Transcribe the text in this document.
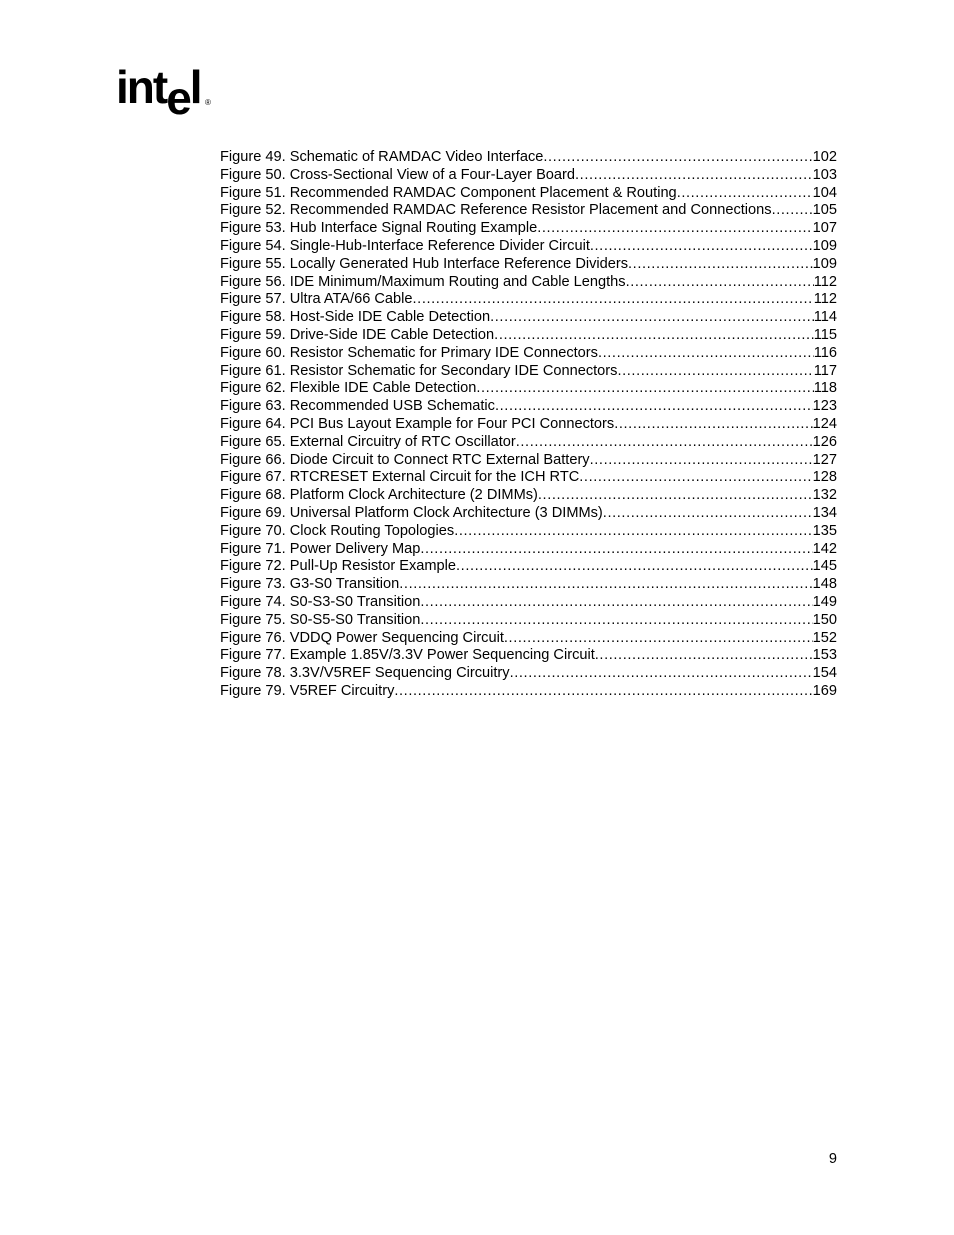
intel ®
Figure 49. Schematic of RAMDAC Video Interface .....	102
Figure 50. Cross-Sectional View of a Four-Layer Board .....	103
Figure 51. Recommended RAMDAC Component Placement & Routing .....	104
Figure 52. Recommended RAMDAC Reference Resistor Placement and Connections .....	105
Figure 53. Hub Interface Signal Routing Example .....	107
Figure 54. Single-Hub-Interface Reference Divider Circuit .....	109
Figure 55. Locally Generated Hub Interface Reference Dividers .....	109
Figure 56. IDE Minimum/Maximum Routing and Cable Lengths .....	112
Figure 57. Ultra ATA/66 Cable .....	112
Figure 58. Host-Side IDE Cable Detection .....	114
Figure 59. Drive-Side IDE Cable Detection .....	115
Figure 60. Resistor Schematic for Primary IDE Connectors .....	116
Figure 61. Resistor Schematic for Secondary IDE Connectors .....	117
Figure 62. Flexible IDE Cable Detection .....	118
Figure 63. Recommended USB Schematic .....	123
Figure 64. PCI Bus Layout Example for Four PCI Connectors .....	124
Figure 65. External Circuitry of RTC Oscillator .....	126
Figure 66. Diode Circuit to Connect RTC External Battery .....	127
Figure 67. RTCRESET External Circuit for the ICH RTC .....	128
Figure 68. Platform Clock Architecture (2 DIMMs) .....	132
Figure 69. Universal Platform Clock Architecture (3 DIMMs) .....	134
Figure 70. Clock Routing Topologies .....	135
Figure 71. Power Delivery Map .....	142
Figure 72. Pull-Up Resistor Example .....	145
Figure 73. G3-S0 Transition .....	148
Figure 74. S0-S3-S0 Transition .....	149
Figure 75. S0-S5-S0 Transition .....	150
Figure 76. VDDQ Power Sequencing Circuit .....	152
Figure 77. Example 1.85V/3.3V Power Sequencing Circuit .....	153
Figure 78. 3.3V/V5REF Sequencing Circuitry .....	154
Figure 79. V5REF Circuitry .....	169
9
